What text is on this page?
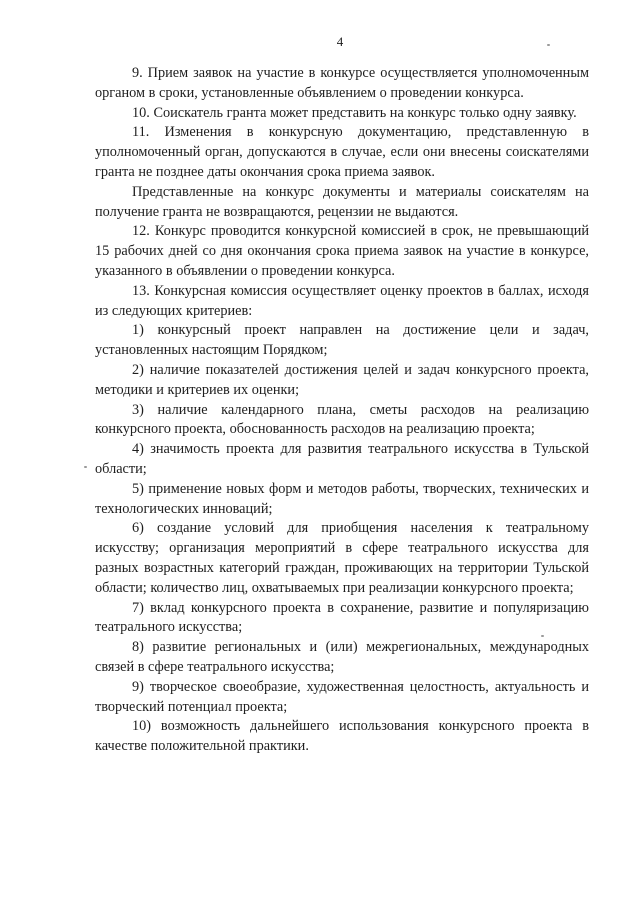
4

9. Прием заявок на участие в конкурсе осуществляется уполномоченным органом в сроки, установленные объявлением о проведении конкурса.

10. Соискатель гранта может представить на конкурс только одну заявку.

11. Изменения в конкурсную документацию, представленную в уполномоченный орган, допускаются в случае, если они внесены соискателями гранта не позднее даты окончания срока приема заявок.

Представленные на конкурс документы и материалы соискателям на получение гранта не возвращаются, рецензии не выдаются.

12. Конкурс проводится конкурсной комиссией в срок, не превышающий 15 рабочих дней со дня окончания срока приема заявок на участие в конкурсе, указанного в объявлении о проведении конкурса.

13. Конкурсная комиссия осуществляет оценку проектов в баллах, исходя из следующих критериев:

1) конкурсный проект направлен на достижение цели и задач, установленных настоящим Порядком;

2) наличие показателей достижения целей и задач конкурсного проекта, методики и критериев их оценки;

3) наличие календарного плана, сметы расходов на реализацию конкурсного проекта, обоснованность расходов на реализацию проекта;

4) значимость проекта для развития театрального искусства в Тульской области;

5) применение новых форм и методов работы, творческих, технических и технологических инноваций;

6) создание условий для приобщения населения к театральному искусству; организация мероприятий в сфере театрального искусства для разных возрастных категорий граждан, проживающих на территории Тульской области; количество лиц, охватываемых при реализации конкурсного проекта;

7) вклад конкурсного проекта в сохранение, развитие и популяризацию театрального искусства;

8) развитие региональных и (или) межрегиональных, международных связей в сфере театрального искусства;

9) творческое своеобразие, художественная целостность, актуальность и творческий потенциал проекта;

10) возможность дальнейшего использования конкурсного проекта в качестве положительной практики.
